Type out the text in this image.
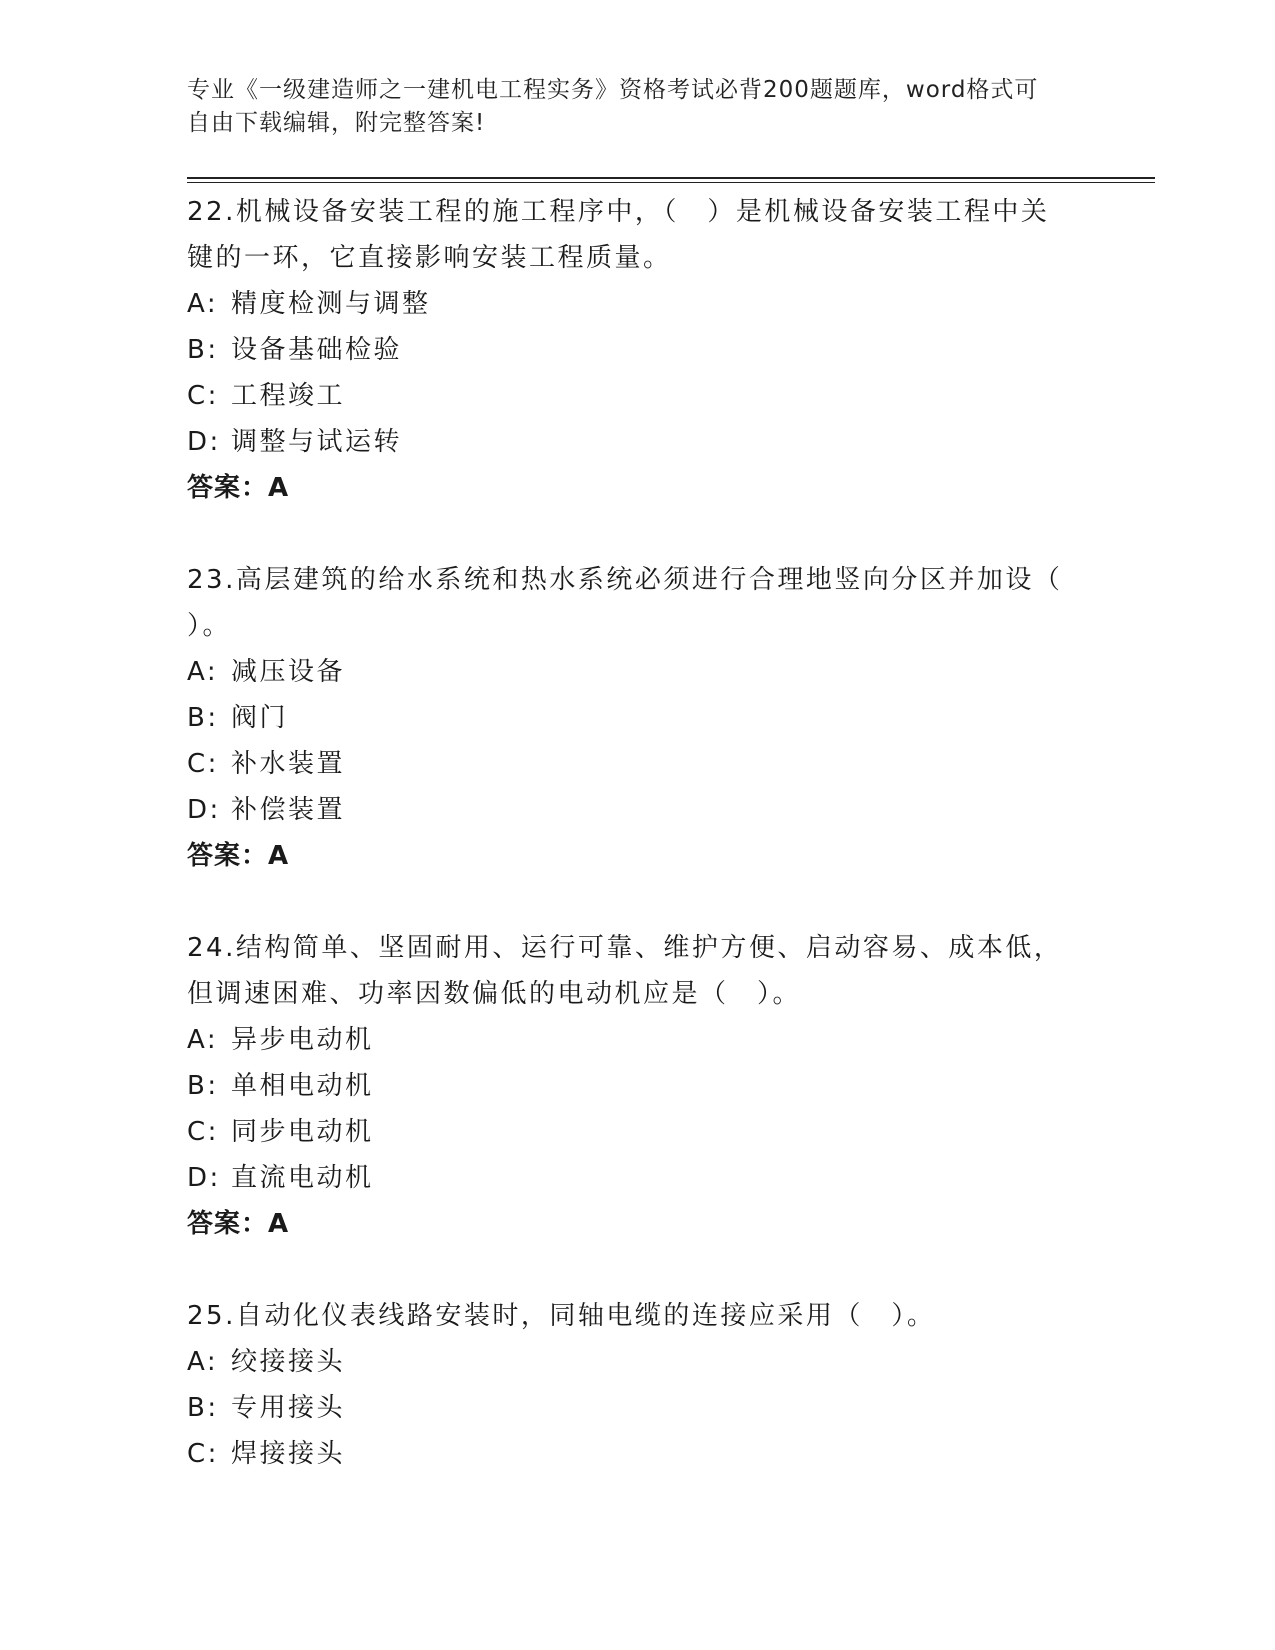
专业《一级建造师之一建机电工程实务》资格考试必背200题题库，word格式可
自由下载编辑，附完整答案!

22.机械设备安装工程的施工程序中，（　）是机械设备安装工程中关

键的一环，它直接影响安装工程质量。

A: 精度检测与调整

B: 设备基础检验

C: 工程竣工

D: 调整与试运转

答案：A

23.高层建筑的给水系统和热水系统必须进行合理地竖向分区并加设（

）。

A: 减压设备

B: 阀门

C: 补水装置

D: 补偿装置

答案：A

24.结构简单、坚固耐用、运行可靠、维护方便、启动容易、成本低，

但调速困难、功率因数偏低的电动机应是（　）。

A: 异步电动机

B: 单相电动机

C: 同步电动机

D: 直流电动机

答案：A

25.自动化仪表线路安装时，同轴电缆的连接应采用（　）。

A: 绞接接头

B: 专用接头

C: 焊接接头
